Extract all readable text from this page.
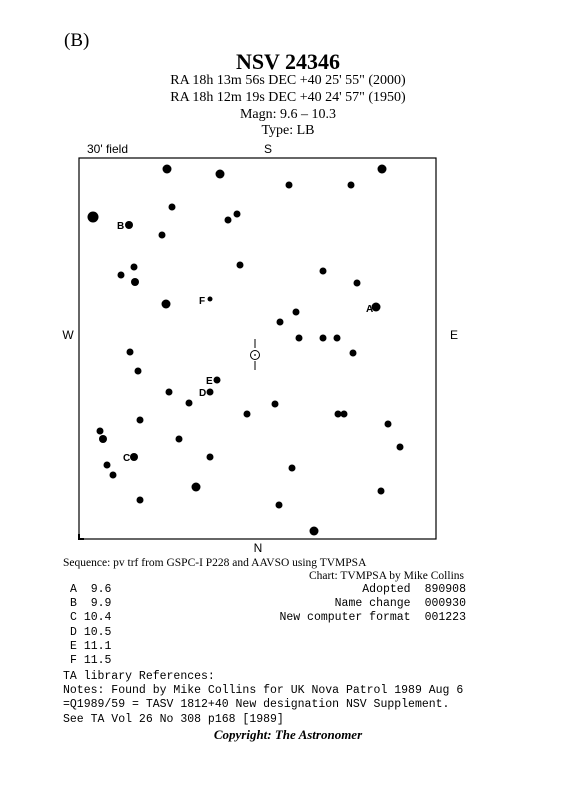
(B)
NSV 24346
RA 18h 13m 56s DEC +40 25' 55" (2000)
RA 18h 12m 19s DEC +40 24' 57" (1950)
Magn: 9.6 – 10.3
Type: LB
30' field	S
N
W	E
A
B
C
D
E
F
Sequence: pv trf from GSPC-I P228 and AAVSO using TVMPSA
Chart: TVMPSA by Mike Collins
A 9.6
B 9.9
C 10.4
D 10.5
E 11.1
F 11.5
Adopted	890908
Name change	000930
New computer format	001223
TA library References:
Notes: Found by Mike Collins for UK Nova Patrol 1989 Aug 6
=Q1989/59 = TASV 1812+40 New designation NSV Supplement.
See TA Vol 26 No 308 p168 [1989]
Copyright: The Astronomer
